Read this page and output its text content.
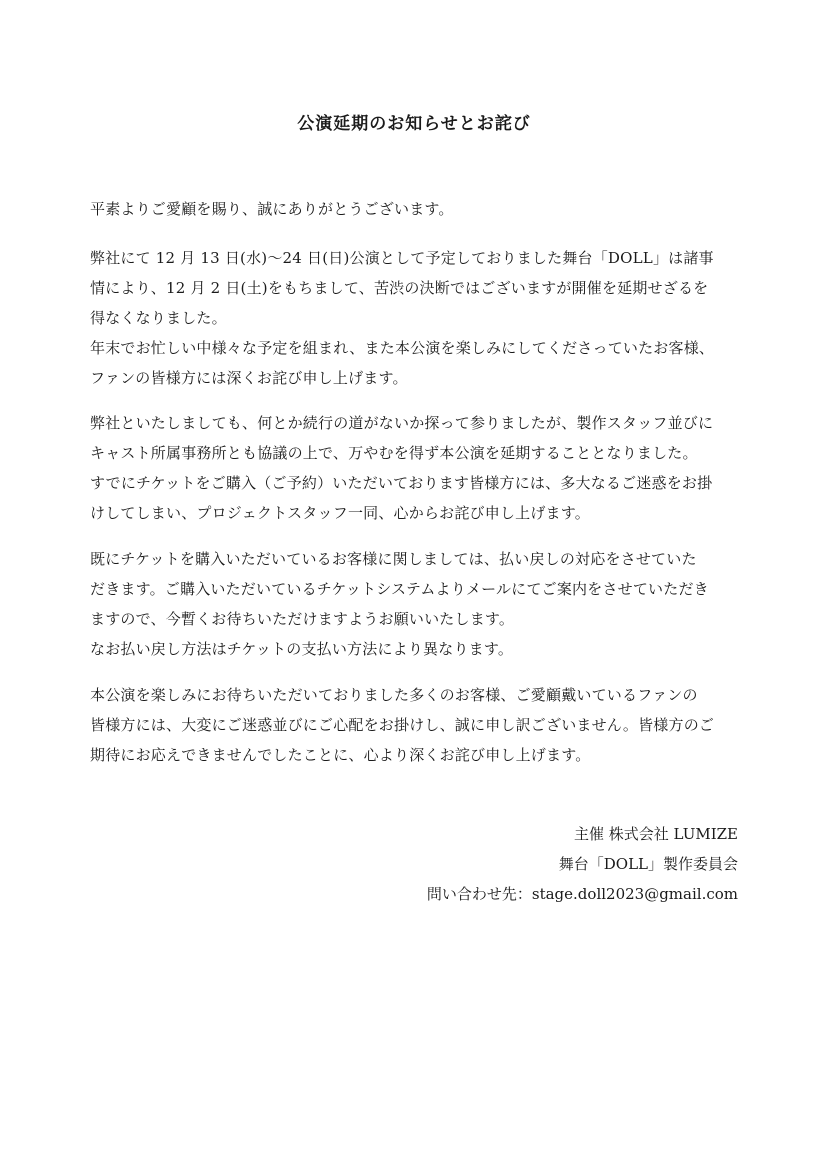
公演延期のお知らせとお詫び
平素よりご愛顧を賜り、誠にありがとうございます。
弊社にて 12 月 13 日(水)〜24 日(日)公演として予定しておりました舞台「DOLL」は諸事
情により、12 月 2 日(土)をもちまして、苦渋の決断ではございますが開催を延期せざるを
得なくなりました。
年末でお忙しい中様々な予定を組まれ、また本公演を楽しみにしてくださっていたお客様、
ファンの皆様方には深くお詫び申し上げます。
弊社といたしましても、何とか続行の道がないか探って参りましたが、製作スタッフ並びに
キャスト所属事務所とも協議の上で、万やむを得ず本公演を延期することとなりました。
すでにチケットをご購入（ご予約）いただいております皆様方には、多大なるご迷惑をお掛
けしてしまい、プロジェクトスタッフ一同、心からお詫び申し上げます。
既にチケットを購入いただいているお客様に関しましては、払い戻しの対応をさせていた
だきます。ご購入いただいているチケットシステムよりメールにてご案内をさせていただき
ますので、今暫くお待ちいただけますようお願いいたします。
なお払い戻し方法はチケットの支払い方法により異なります。
本公演を楽しみにお待ちいただいておりました多くのお客様、ご愛顧戴いているファンの
皆様方には、大変にご迷惑並びにご心配をお掛けし、誠に申し訳ございません。皆様方のご
期待にお応えできませんでしたことに、心より深くお詫び申し上げます。
主催 株式会社 LUMIZE
舞台「DOLL」製作委員会
問い合わせ先：stage.doll2023@gmail.com
